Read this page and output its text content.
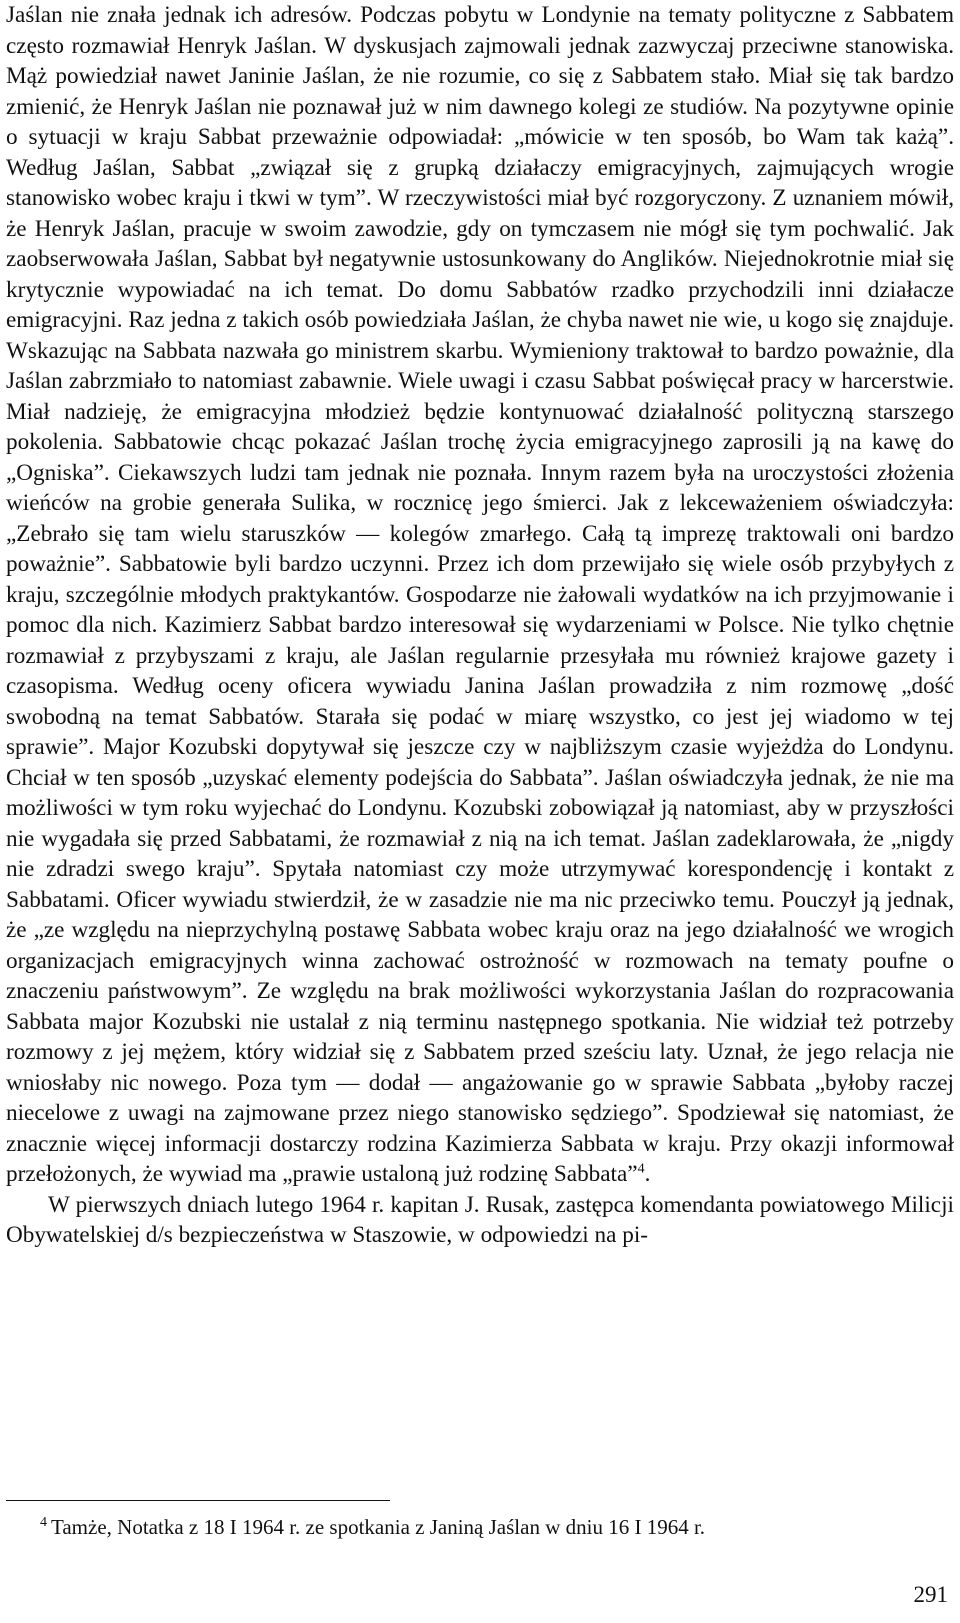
Jaślan nie znała jednak ich adresów. Podczas pobytu w Londynie na tematy polityczne z Sabbatem często rozmawiał Henryk Jaślan. W dyskusjach zajmowali jednak zazwyczaj przeciwne stanowiska. Mąż powiedział nawet Janinie Jaślan, że nie rozumie, co się z Sabbatem stało. Miał się tak bardzo zmienić, że Henryk Jaślan nie poznawał już w nim dawnego kolegi ze studiów. Na pozytywne opinie o sytuacji w kraju Sabbat przeważnie odpowiadał: „mówicie w ten sposób, bo Wam tak każą”. Według Jaślan, Sabbat „związał się z grupką działaczy emigracyjnych, zajmujących wrogie stanowisko wobec kraju i tkwi w tym”. W rzeczywistości miał być rozgoryczony. Z uznaniem mówił, że Henryk Jaślan, pracuje w swoim zawodzie, gdy on tymczasem nie mógł się tym pochwalić. Jak zaobserwowała Jaślan, Sabbat był negatywnie ustosunkowany do Anglików. Niejednokrotnie miał się krytycznie wypowiadać na ich temat. Do domu Sabbatów rzadko przychodzili inni działacze emigracyjni. Raz jedna z takich osób powiedziała Jaślan, że chyba nawet nie wie, u kogo się znajduje. Wskazując na Sabbata nazwała go ministrem skarbu. Wymieniony traktował to bardzo poważnie, dla Jaślan zabrzmiało to natomiast zabawnie. Wiele uwagi i czasu Sabbat poświęcał pracy w harcerstwie. Miał nadzieję, że emigracyjna młodzież będzie kontynuować działalność polityczną starszego pokolenia. Sabbatowie chcąc pokazać Jaślan trochę życia emigracyjnego zaprosili ją na kawę do „Ogniska”. Ciekawszych ludzi tam jednak nie poznała. Innym razem była na uroczystości złożenia wieńców na grobie generała Sulika, w rocznicę jego śmierci. Jak z lekceważeniem oświadczyła: „Zebrało się tam wielu staruszków — kolegów zmarłego. Całą tą imprezę traktowali oni bardzo poważnie”. Sabbatowie byli bardzo uczynni. Przez ich dom przewijało się wiele osób przybyłych z kraju, szczególnie młodych praktykantów. Gospodarze nie żałowali wydatków na ich przyjmowanie i pomoc dla nich. Kazimierz Sabbat bardzo interesował się wydarzeniami w Polsce. Nie tylko chętnie rozmawiał z przybyszami z kraju, ale Jaślan regularnie przesyłała mu również krajowe gazety i czasopisma. Według oceny oficera wywiadu Janina Jaślan prowadziła z nim rozmowę „dość swobodną na temat Sabbatów. Starała się podać w miarę wszystko, co jest jej wiadomo w tej sprawie”. Major Kozubski dopytywał się jeszcze czy w najbliższym czasie wyjeżdża do Londynu. Chciał w ten sposób „uzyskać elementy podejścia do Sabbata”. Jaślan oświadczyła jednak, że nie ma możliwości w tym roku wyjechać do Londynu. Kozubski zobowiązał ją natomiast, aby w przyszłości nie wygadała się przed Sabbatami, że rozmawiał z nią na ich temat. Jaślan zadeklarowała, że „nigdy nie zdradzi swego kraju”. Spytała natomiast czy może utrzymywać korespondencję i kontakt z Sabbatami. Oficer wywiadu stwierdził, że w zasadzie nie ma nic przeciwko temu. Pouczył ją jednak, że „ze względu na nieprzychylną postawę Sabbata wobec kraju oraz na jego działalność we wrogich organizacjach emigracyjnych winna zachować ostrożność w rozmowach na tematy poufne o znaczeniu państwowym”. Ze względu na brak możliwości wykorzystania Jaślan do rozpracowania Sabbata major Kozubski nie ustalał z nią terminu następnego spotkania. Nie widział też potrzeby rozmowy z jej mężem, który widział się z Sabbatem przed sześciu laty. Uznał, że jego relacja nie wniosłaby nic nowego. Poza tym — dodał — angażowanie go w sprawie Sabbata „byłoby raczej niecelowe z uwagi na zajmowane przez niego stanowisko sędziego”. Spodziewał się natomiast, że znacznie więcej informacji dostarczy rodzina Kazimierza Sabbata w kraju. Przy okazji informował przełożonych, że wywiad ma „prawie ustaloną już rodzinę Sabbata”$^4$.

W pierwszych dniach lutego 1964 r. kapitan J. Rusak, zastępca komendanta powiatowego Milicji Obywatelskiej d/s bezpieczeństwa w Staszowie, w odpowiedzi na pi-

$^4$ Tamże, Notatka z 18 I 1964 r. ze spotkania z Janiną Jaślan w dniu 16 I 1964 r.
291
